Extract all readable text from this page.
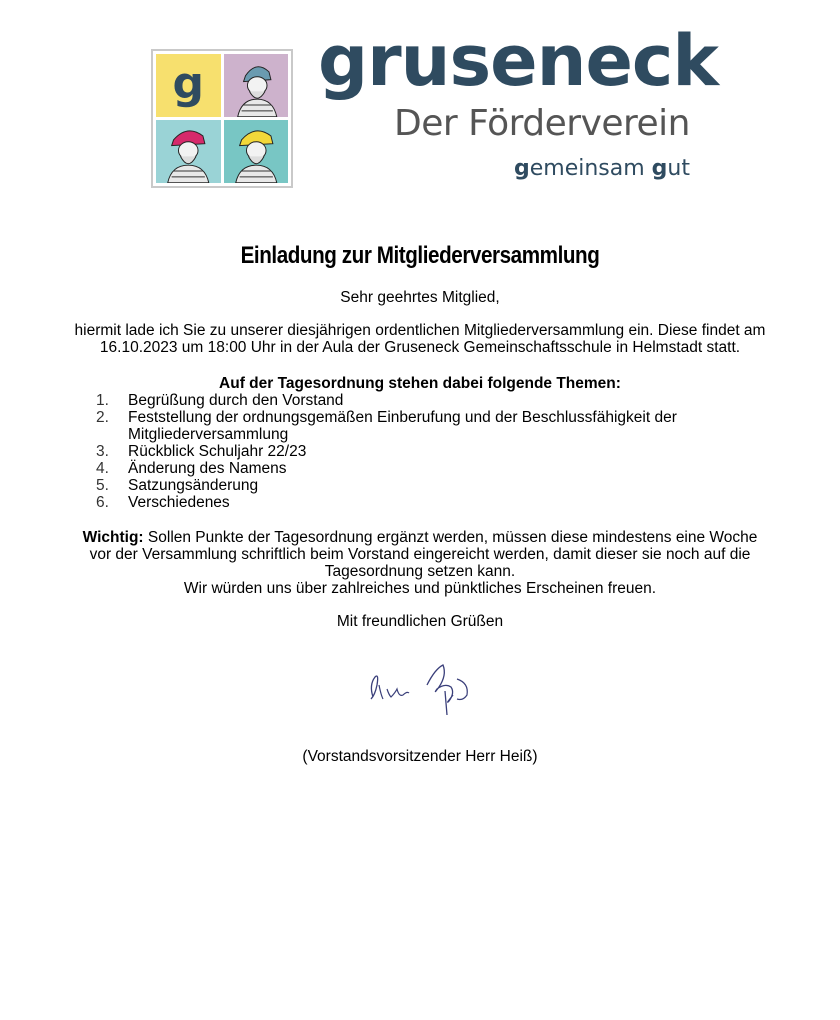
g gruseneck
Der Förderverein
gemeinsam gut
Einladung zur Mitgliederversammlung
Sehr geehrtes Mitglied,
hiermit lade ich Sie zu unserer diesjährigen ordentlichen Mitgliederversammlung ein. Diese findet am 16.10.2023 um 18:00 Uhr in der Aula der Gruseneck Gemeinschaftsschule in Helmstadt statt.
Auf der Tagesordnung stehen dabei folgende Themen:
1. Begrüßung durch den Vorstand
2. Feststellung der ordnungsgemäßen Einberufung und der Beschlussfähigkeit der Mitgliederversammlung
3. Rückblick Schuljahr 22/23
4. Änderung des Namens
5. Satzungsänderung
6. Verschiedenes
Wichtig: Sollen Punkte der Tagesordnung ergänzt werden, müssen diese mindestens eine Woche vor der Versammlung schriftlich beim Vorstand eingereicht werden, damit dieser sie noch auf die Tagesordnung setzen kann.
Wir würden uns über zahlreiches und pünktliches Erscheinen freuen.
Mit freundlichen Grüßen
(Vorstandsvorsitzender Herr Heiß)
